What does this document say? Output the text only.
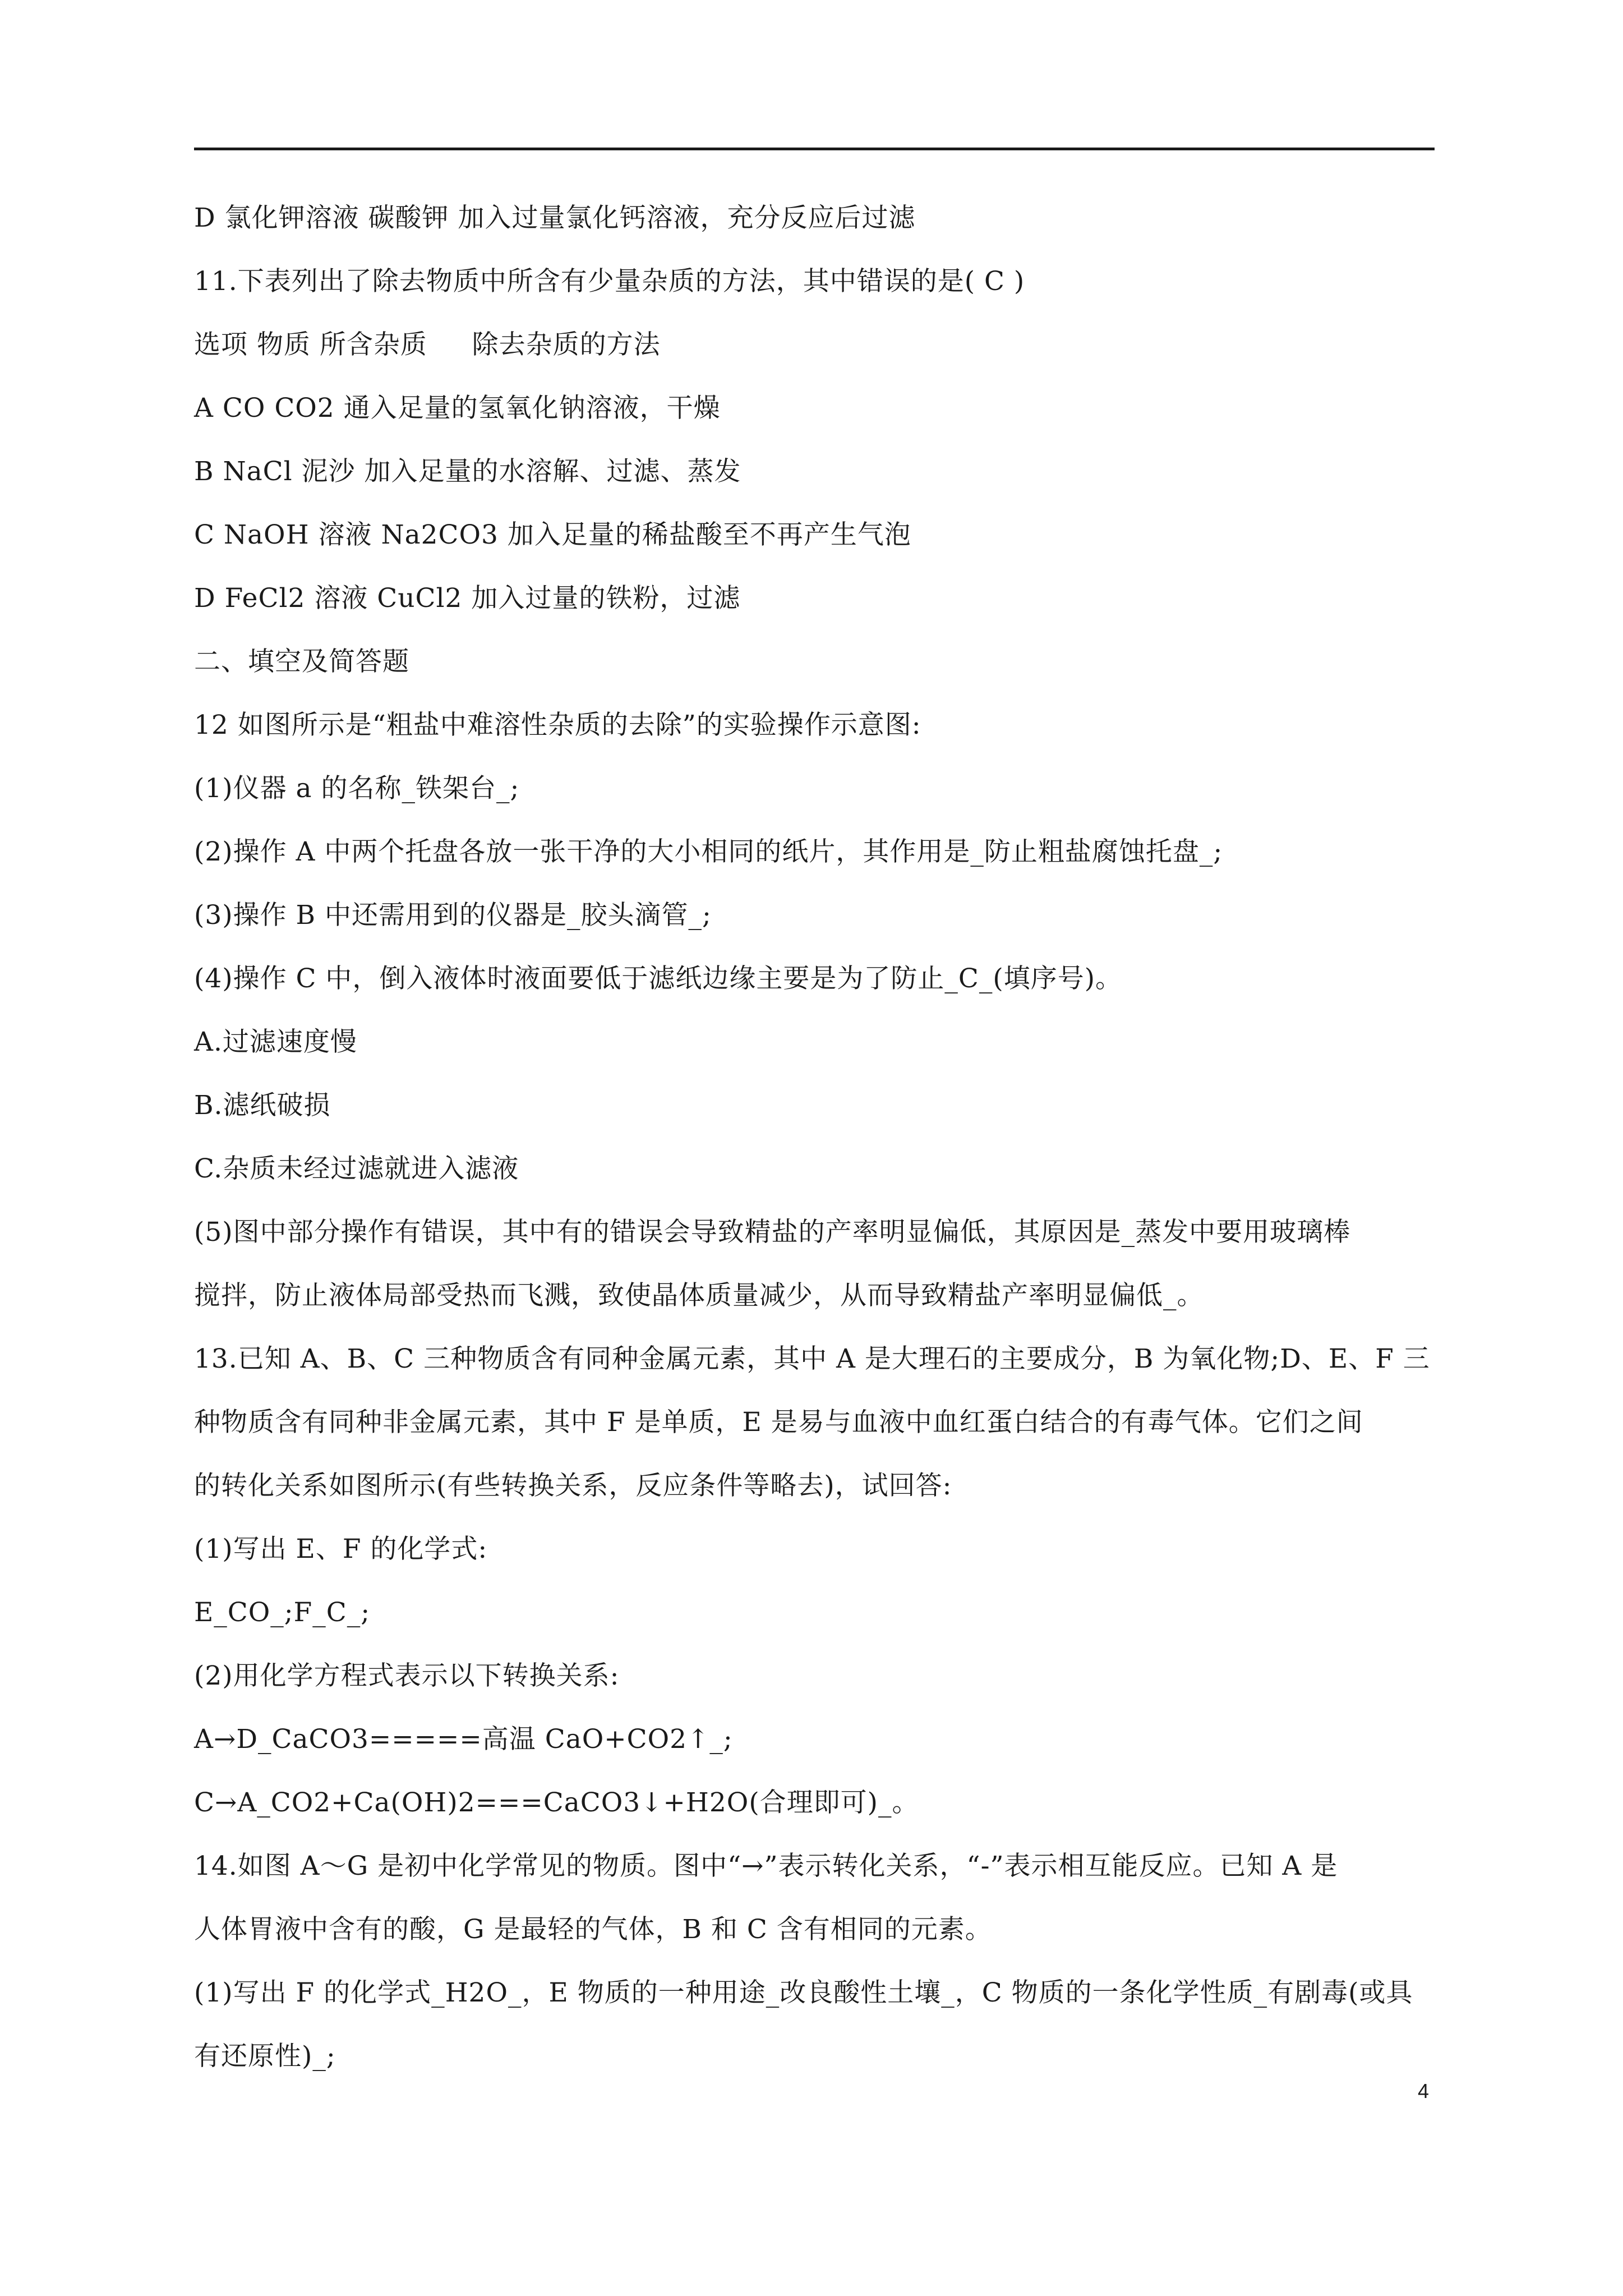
D 氯化钾溶液 碳酸钾 加入过量氯化钙溶液，充分反应后过滤
11.下表列出了除去物质中所含有少量杂质的方法，其中错误的是( C )
选项 物质 所含杂质     除去杂质的方法
A CO CO2 通入足量的氢氧化钠溶液，干燥
B NaCl 泥沙 加入足量的水溶解、过滤、蒸发
C NaOH 溶液 Na2CO3 加入足量的稀盐酸至不再产生气泡
D FeCl2 溶液 CuCl2 加入过量的铁粉，过滤
二、填空及简答题
12 如图所示是“粗盐中难溶性杂质的去除”的实验操作示意图:
(1)仪器 a 的名称_铁架台_;
(2)操作 A 中两个托盘各放一张干净的大小相同的纸片，其作用是_防止粗盐腐蚀托盘_;
(3)操作 B 中还需用到的仪器是_胶头滴管_;
(4)操作 C 中，倒入液体时液面要低于滤纸边缘主要是为了防止_C_(填序号)。
A.过滤速度慢
B.滤纸破损
C.杂质未经过滤就进入滤液
(5)图中部分操作有错误，其中有的错误会导致精盐的产率明显偏低，其原因是_蒸发中要用玻璃棒
搅拌，防止液体局部受热而飞溅，致使晶体质量减少，从而导致精盐产率明显偏低_。
13.已知 A、B、C 三种物质含有同种金属元素，其中 A 是大理石的主要成分，B 为氧化物;D、E、F 三
种物质含有同种非金属元素，其中 F 是单质，E 是易与血液中血红蛋白结合的有毒气体。它们之间
的转化关系如图所示(有些转换关系，反应条件等略去)，试回答:
(1)写出 E、F 的化学式:
E_CO_;F_C_;
(2)用化学方程式表示以下转换关系:
A→D_CaCO3=====高温 CaO+CO2↑_;
C→A_CO2+Ca(OH)2===CaCO3↓+H2O(合理即可)_。
14.如图 A～G 是初中化学常见的物质。图中“→”表示转化关系，“-”表示相互能反应。已知 A 是
人体胃液中含有的酸，G 是最轻的气体，B 和 C 含有相同的元素。
(1)写出 F 的化学式_H2O_，E 物质的一种用途_改良酸性土壤_，C 物质的一条化学性质_有剧毒(或具
有还原性)_;
4
